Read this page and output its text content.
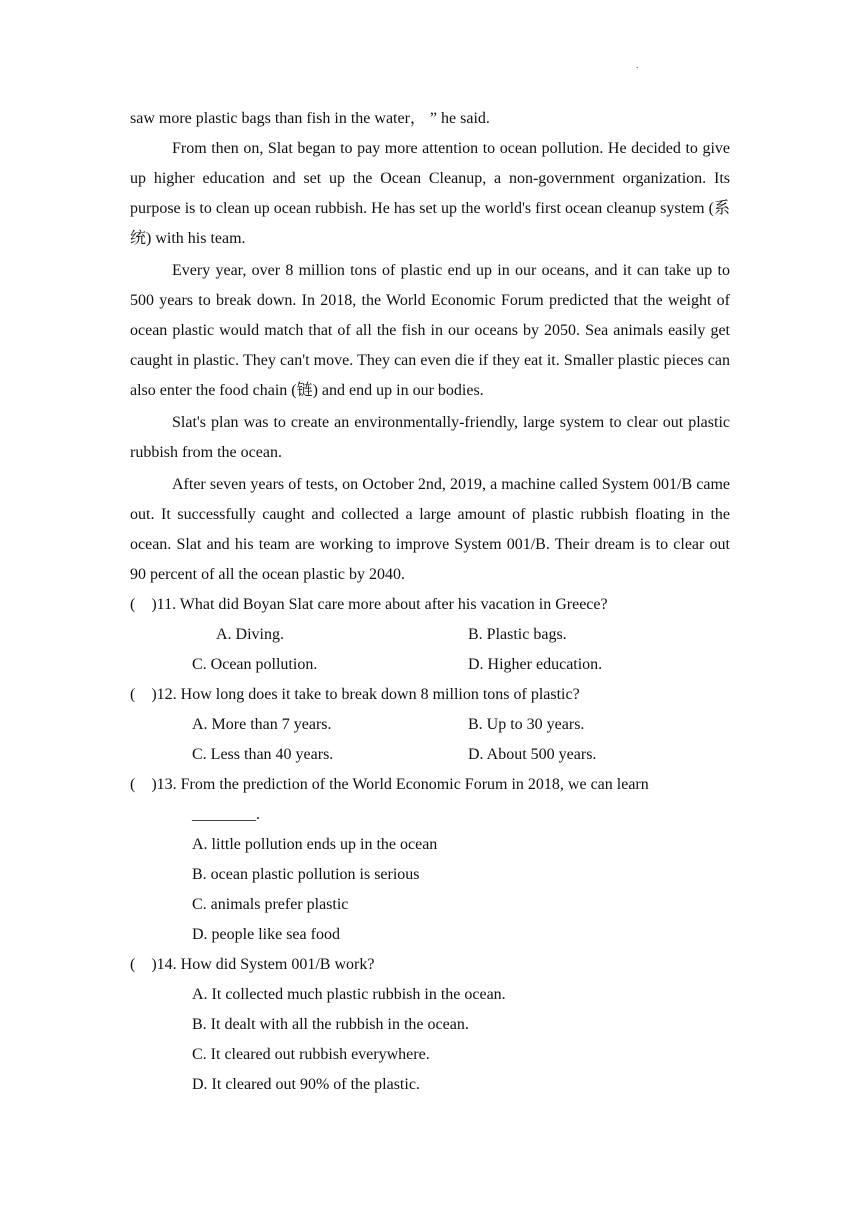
.

saw more plastic bags than fish in the water， ” he said.

From then on, Slat began to pay more attention to ocean pollution. He decided to give up higher education and set up the Ocean Cleanup, a non-government organization. Its purpose is to clean up ocean rubbish. He has set up the world's first ocean cleanup system (系统) with his team.

Every year, over 8 million tons of plastic end up in our oceans, and it can take up to 500 years to break down. In 2018, the World Economic Forum predicted that the weight of ocean plastic would match that of all the fish in our oceans by 2050. Sea animals easily get caught in plastic. They can't move. They can even die if they eat it. Smaller plastic pieces can also enter the food chain (链) and end up in our bodies.

Slat's plan was to create an environmentally-friendly, large system to clear out plastic rubbish from the ocean.

After seven years of tests, on October 2nd, 2019, a machine called System 001/B came out. It successfully caught and collected a large amount of plastic rubbish floating in the ocean. Slat and his team are working to improve System 001/B. Their dream is to clear out 90 percent of all the ocean plastic by 2040.

(    )11. What did Boyan Slat care more about after his vacation in Greece?

A. Diving.	B. Plastic bags.

C. Ocean pollution.	D. Higher education.

(    )12. How long does it take to break down 8 million tons of plastic?

A. More than 7 years.	B. Up to 30 years.

C. Less than 40 years.	D. About 500 years.

(    )13. From the prediction of the World Economic Forum in 2018, we can learn

________.

A. little pollution ends up in the ocean

B. ocean plastic pollution is serious

C. animals prefer plastic

D. people like sea food

(    )14. How did System 001/B work?

A. It collected much plastic rubbish in the ocean.

B. It dealt with all the rubbish in the ocean.

C. It cleared out rubbish everywhere.

D. It cleared out 90% of the plastic.
